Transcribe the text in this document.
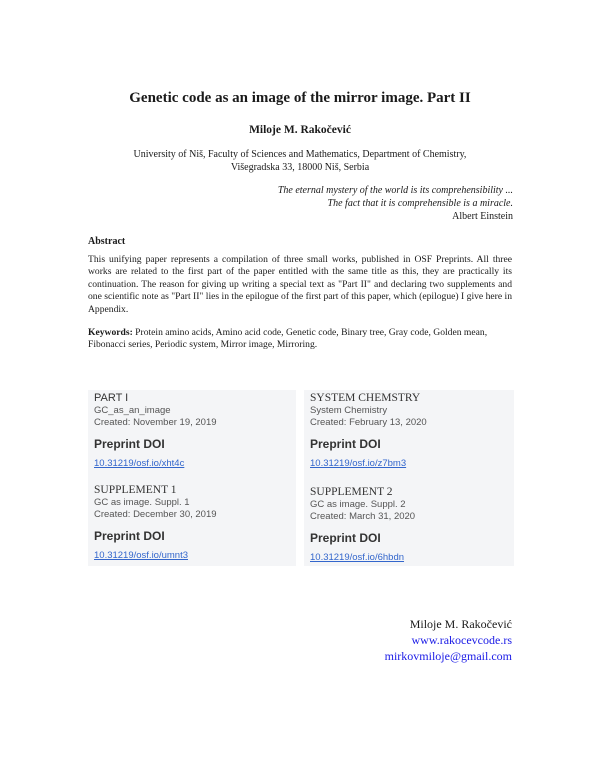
Genetic code as an image of the mirror image. Part II
Miloje M. Rakočević
University of Niš, Faculty of Sciences and Mathematics, Department of Chemistry,
Višegradska 33, 18000 Niš, Serbia
The eternal mystery of the world is its comprehensibility ...
The fact that it is comprehensible is a miracle.
Albert Einstein
Abstract
This unifying paper represents a compilation of three small works, published in OSF Preprints. All three works are related to the first part of the paper entitled with the same title as this, they are practically its continuation. The reason for giving up writing a special text as "Part II" and declaring two supplements and one scientific note as "Part II" lies in the epilogue of the first part of this paper, which (epilogue) I give here in Appendix.
Keywords: Protein amino acids, Amino acid code, Genetic code, Binary tree, Gray code, Golden mean, Fibonacci series, Periodic system, Mirror image, Mirroring.
PART I
GC_as_an_image
Created: November 19, 2019
Preprint DOI
10.31219/osf.io/xht4c
SYSTEM CHEMSTRY
System Chemistry
Created: February 13, 2020
Preprint DOI
10.31219/osf.io/z7bm3
SUPPLEMENT 1
GC as image. Suppl. 1
Created: December 30, 2019
Preprint DOI
10.31219/osf.io/umnt3
SUPPLEMENT 2
GC as image. Suppl. 2
Created: March 31, 2020
Preprint DOI
10.31219/osf.io/6hbdn
Miloje M. Rakočević
www.rakocevcode.rs
mirkovmiloje@gmail.com
